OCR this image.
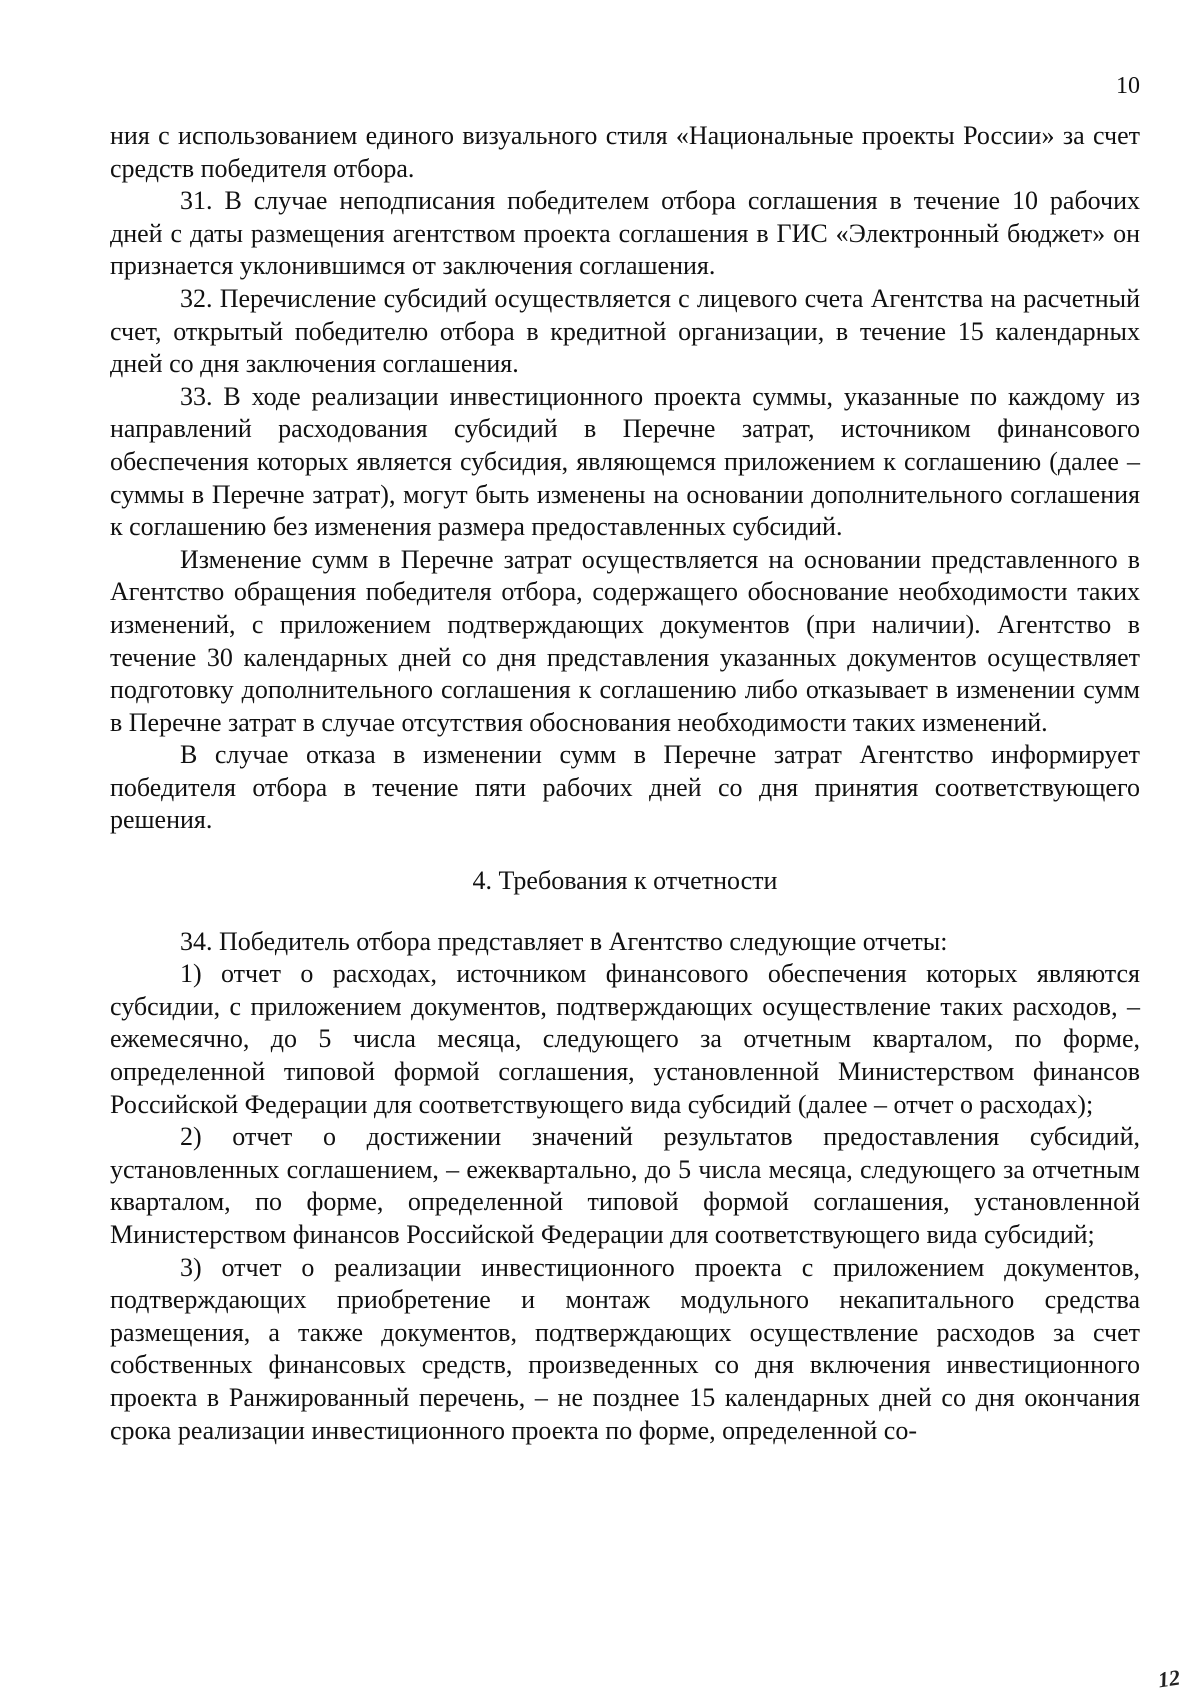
10

ния с использованием единого визуального стиля «Национальные проекты России» за счет средств победителя отбора.

31. В случае неподписания победителем отбора соглашения в течение 10 рабочих дней с даты размещения агентством проекта соглашения в ГИС «Электронный бюджет» он признается уклонившимся от заключения соглашения.

32. Перечисление субсидий осуществляется с лицевого счета Агентства на расчетный счет, открытый победителю отбора в кредитной организации, в течение 15 календарных дней со дня заключения соглашения.

33. В ходе реализации инвестиционного проекта суммы, указанные по каждому из направлений расходования субсидий в Перечне затрат, источником финансового обеспечения которых является субсидия, являющемся приложением к соглашению (далее – суммы в Перечне затрат), могут быть изменены на основании дополнительного соглашения к соглашению без изменения размера предоставленных субсидий.

Изменение сумм в Перечне затрат осуществляется на основании представленного в Агентство обращения победителя отбора, содержащего обоснование необходимости таких изменений, с приложением подтверждающих документов (при наличии). Агентство в течение 30 календарных дней со дня представления указанных документов осуществляет подготовку дополнительного соглашения к соглашению либо отказывает в изменении сумм в Перечне затрат в случае отсутствия обоснования необходимости таких изменений.

В случае отказа в изменении сумм в Перечне затрат Агентство информирует победителя отбора в течение пяти рабочих дней со дня принятия соответствующего решения.

4. Требования к отчетности

34. Победитель отбора представляет в Агентство следующие отчеты:

1) отчет о расходах, источником финансового обеспечения которых являются субсидии, с приложением документов, подтверждающих осуществление таких расходов, – ежемесячно, до 5 числа месяца, следующего за отчетным кварталом, по форме, определенной типовой формой соглашения, установленной Министерством финансов Российской Федерации для соответствующего вида субсидий (далее – отчет о расходах);

2) отчет о достижении значений результатов предоставления субсидий, установленных соглашением, – ежеквартально, до 5 числа месяца, следующего за отчетным кварталом, по форме, определенной типовой формой соглашения, установленной Министерством финансов Российской Федерации для соответствующего вида субсидий;

3) отчет о реализации инвестиционного проекта с приложением документов, подтверждающих приобретение и монтаж модульного некапитального средства размещения, а также документов, подтверждающих осуществление расходов за счет собственных финансовых средств, произведенных со дня включения инвестиционного проекта в Ранжированный перечень, – не позднее 15 календарных дней со дня окончания срока реализации инвестиционного проекта по форме, определенной со-

12
